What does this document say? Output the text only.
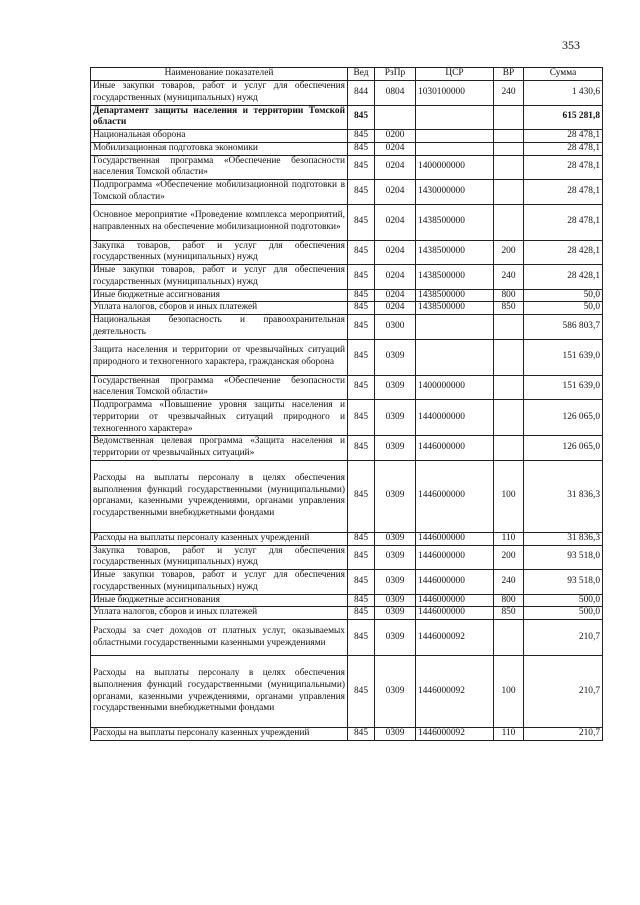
353
Наименование показателей	Вед	РзПр	ЦСР	ВР	Сумма
Иные закупки товаров, работ и услуг для обеспечения государственных (муниципальных) нужд	844	0804	1030100000	240	1 430,6
Департамент защиты населения и территории Томской области	845				615 281,8
Национальная оборона	845	0200			28 478,1
Мобилизационная подготовка экономики	845	0204			28 478,1
Государственная программа «Обеспечение безопасности населения Томской области»	845	0204	1400000000		28 478,1
Подпрограмма «Обеспечение мобилизационной подготовки в Томской области»	845	0204	1430000000		28 478,1
Основное мероприятие «Проведение комплекса мероприятий, направленных на обеспечение мобилизационной подготовки»	845	0204	1438500000		28 478,1
Закупка товаров, работ и услуг для обеспечения государственных (муниципальных) нужд	845	0204	1438500000	200	28 428,1
Иные закупки товаров, работ и услуг для обеспечения государственных (муниципальных) нужд	845	0204	1438500000	240	28 428,1
Иные бюджетные ассигнования	845	0204	1438500000	800	50,0
Уплата налогов, сборов и иных платежей	845	0204	1438500000	850	50,0
Национальная безопасность и правоохранительная деятельность	845	0300			586 803,7
Защита населения и территории от чрезвычайных ситуаций природного и техногенного характера, гражданская оборона	845	0309			151 639,0
Государственная программа «Обеспечение безопасности населения Томской области»	845	0309	1400000000		151 639,0
Подпрограмма «Повышение уровня защиты населения и территории от чрезвычайных ситуаций природного и техногенного характера»	845	0309	1440000000		126 065,0
Ведомственная целевая программа «Защита населения и территории от чрезвычайных ситуаций»	845	0309	1446000000		126 065,0
Расходы на выплаты персоналу в целях обеспечения выполнения функций государственными (муниципальными) органами, казенными учреждениями, органами управления государственными внебюджетными фондами	845	0309	1446000000	100	31 836,3
Расходы на выплаты персоналу казенных учреждений	845	0309	1446000000	110	31 836,3
Закупка товаров, работ и услуг для обеспечения государственных (муниципальных) нужд	845	0309	1446000000	200	93 518,0
Иные закупки товаров, работ и услуг для обеспечения государственных (муниципальных) нужд	845	0309	1446000000	240	93 518,0
Иные бюджетные ассигнования	845	0309	1446000000	800	500,0
Уплата налогов, сборов и иных платежей	845	0309	1446000000	850	500,0
Расходы за счет доходов от платных услуг, оказываемых областными государственными казенными учреждениями	845	0309	1446000092		210,7
Расходы на выплаты персоналу в целях обеспечения выполнения функций государственными (муниципальными) органами, казенными учреждениями, органами управления государственными внебюджетными фондами	845	0309	1446000092	100	210,7
Расходы на выплаты персоналу казенных учреждений	845	0309	1446000092	110	210,7
